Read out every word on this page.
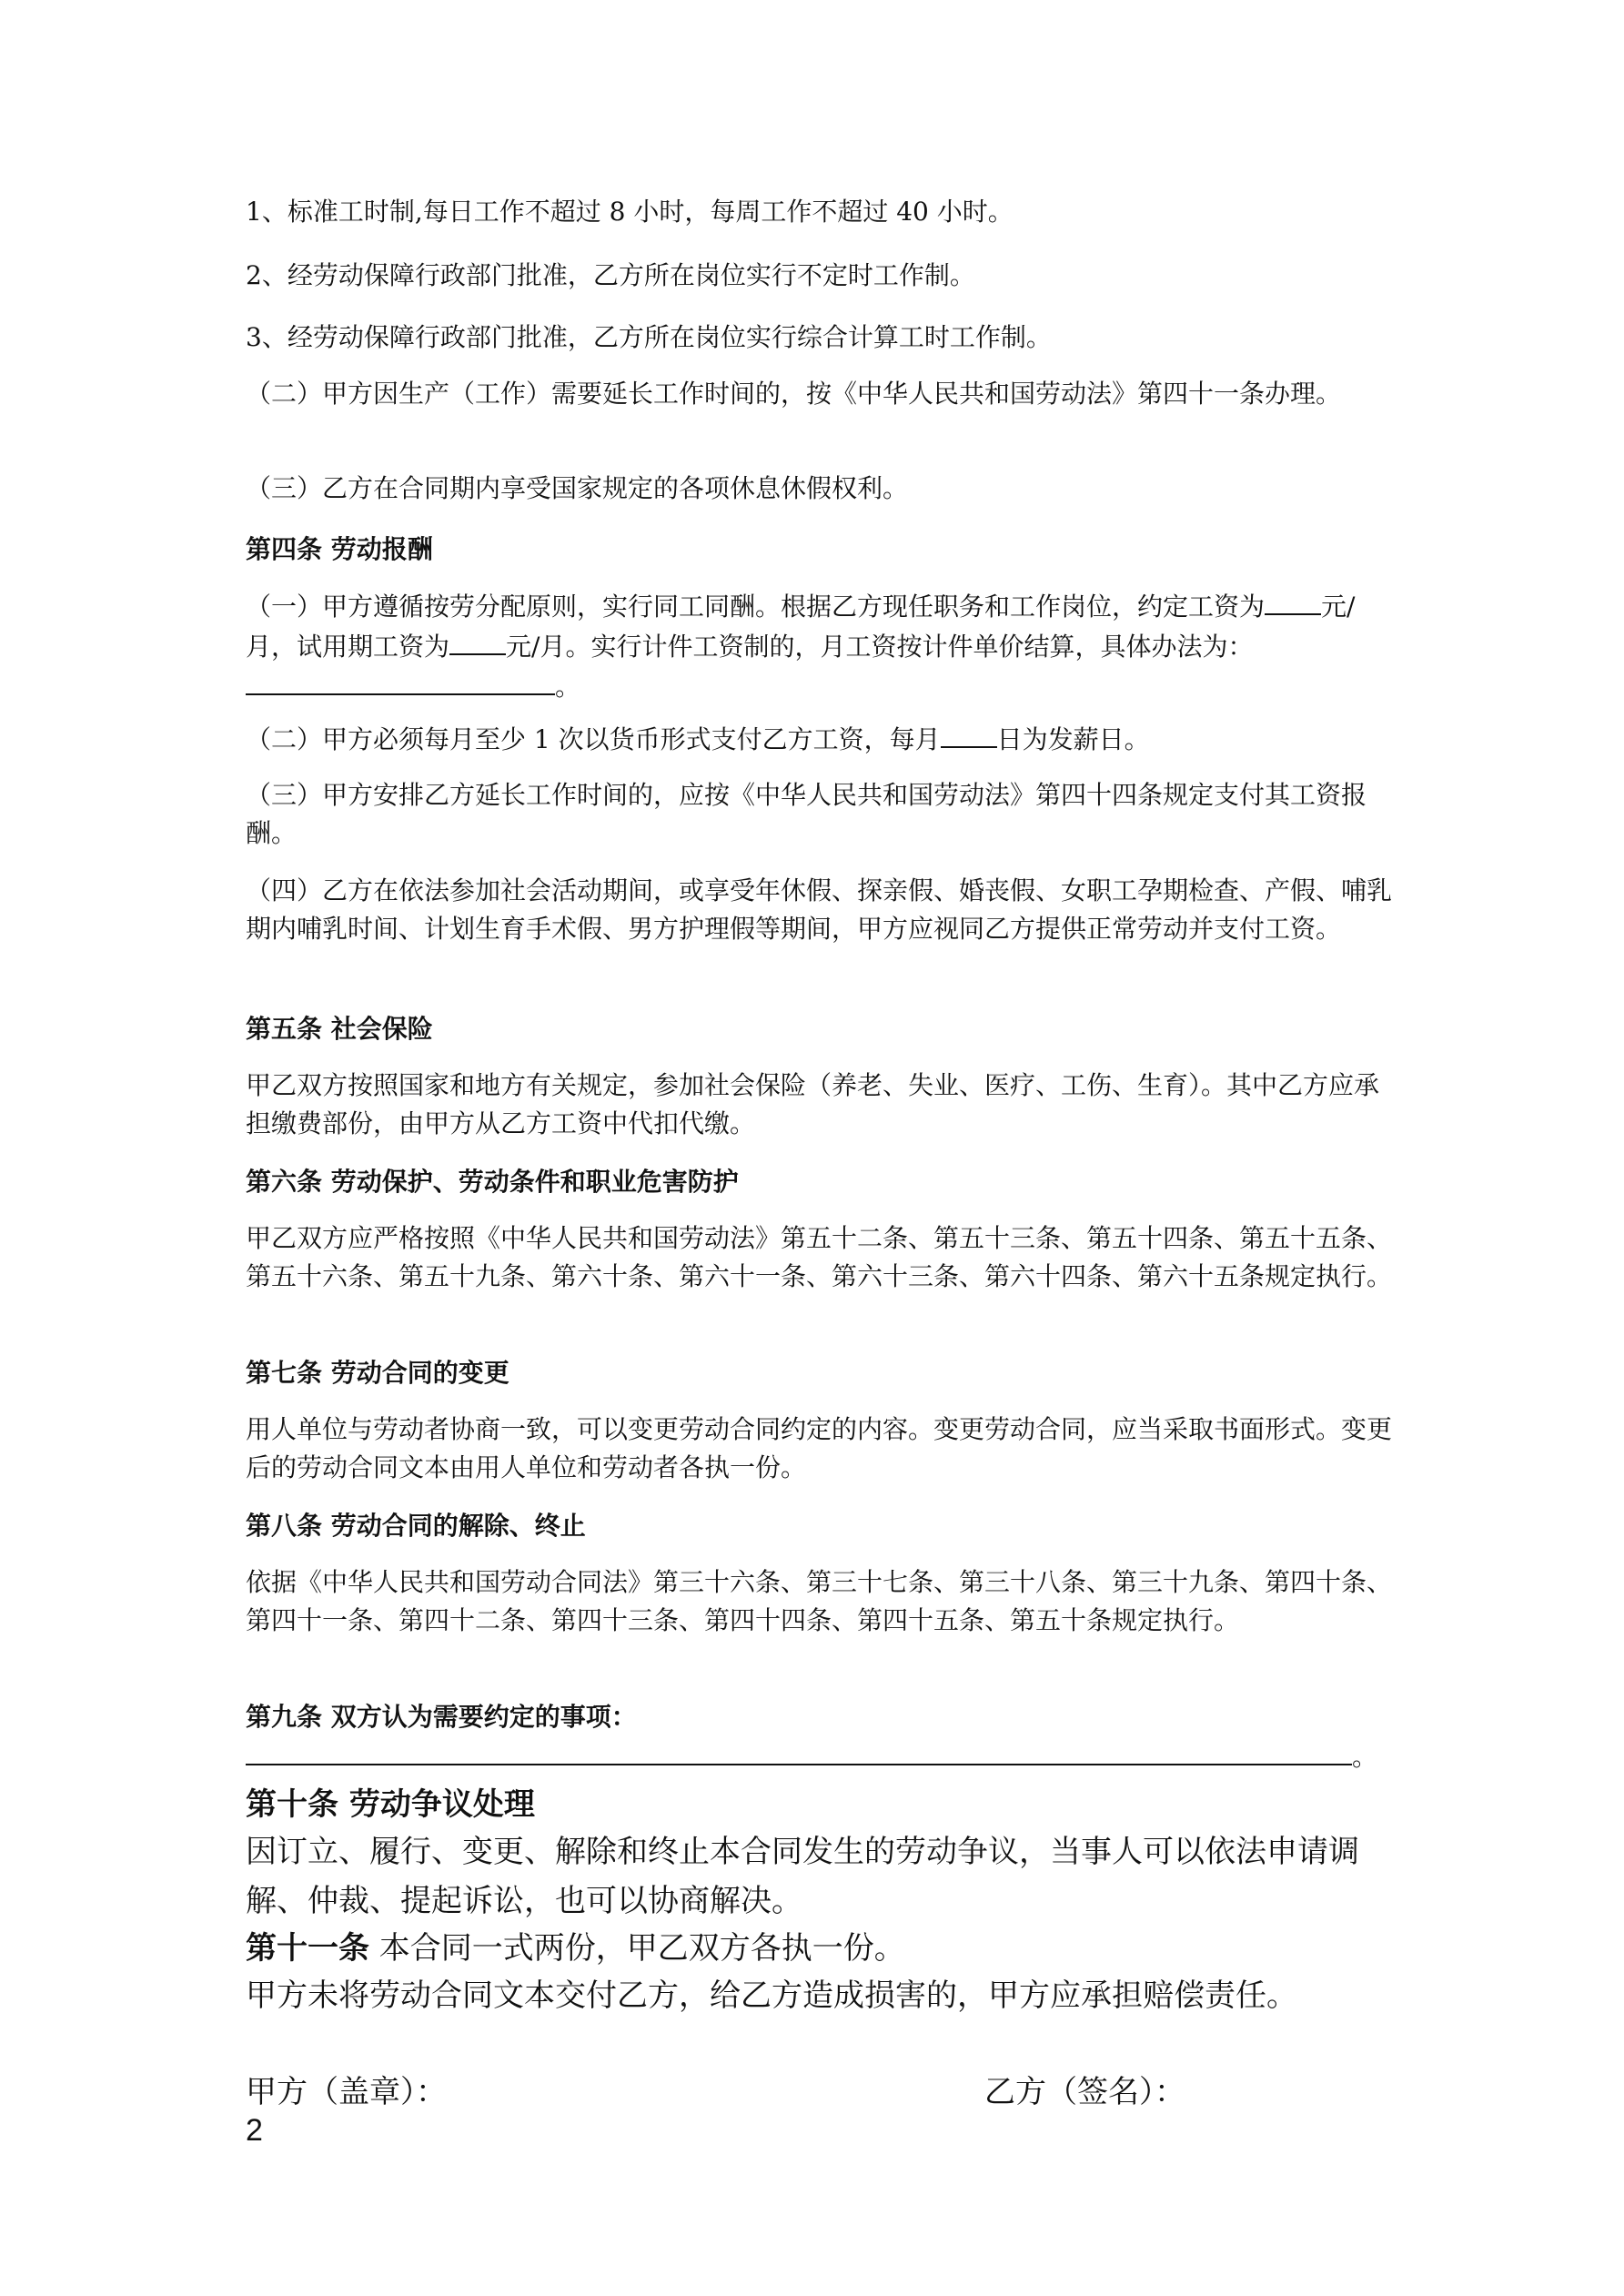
1、标准工时制,每日工作不超过 8 小时，每周工作不超过 40 小时。

2、经劳动保障行政部门批准，乙方所在岗位实行不定时工作制。

3、经劳动保障行政部门批准，乙方所在岗位实行综合计算工时工作制。

（二）甲方因生产（工作）需要延长工作时间的，按《中华人民共和国劳动法》第四十一条办理。

（三）乙方在合同期内享受国家规定的各项休息休假权利。

第四条 劳动报酬

（一）甲方遵循按劳分配原则，实行同工同酬。根据乙方现任职务和工作岗位，约定工资为 元/月，试用期工资为 元/月。实行计件工资制的，月工资按计件单价结算，具体办法为：。

（二）甲方必须每月至少 1 次以货币形式支付乙方工资，每月 日为发薪日。

（三）甲方安排乙方延长工作时间的，应按《中华人民共和国劳动法》第四十四条规定支付其工资报酬。

（四）乙方在依法参加社会活动期间，或享受年休假、探亲假、婚丧假、女职工孕期检查、产假、哺乳期内哺乳时间、计划生育手术假、男方护理假等期间，甲方应视同乙方提供正常劳动并支付工资。

第五条 社会保险

甲乙双方按照国家和地方有关规定，参加社会保险（养老、失业、医疗、工伤、生育）。其中乙方应承担缴费部份，由甲方从乙方工资中代扣代缴。

第六条 劳动保护、劳动条件和职业危害防护

甲乙双方应严格按照《中华人民共和国劳动法》第五十二条、第五十三条、第五十四条、第五十五条、第五十六条、第五十九条、第六十条、第六十一条、第六十三条、第六十四条、第六十五条规定执行。

第七条 劳动合同的变更

用人单位与劳动者协商一致，可以变更劳动合同约定的内容。变更劳动合同，应当采取书面形式。变更后的劳动合同文本由用人单位和劳动者各执一份。

第八条 劳动合同的解除、终止

依据《中华人民共和国劳动合同法》第三十六条、第三十七条、第三十八条、第三十九条、第四十条、第四十一条、第四十二条、第四十三条、第四十四条、第四十五条、第五十条规定执行。

第九条 双方认为需要约定的事项：

。

第十条 劳动争议处理

因订立、履行、变更、解除和终止本合同发生的劳动争议，当事人可以依法申请调解、仲裁、提起诉讼，也可以协商解决。

第十一条 本合同一式两份，甲乙双方各执一份。

甲方未将劳动合同文本交付乙方，给乙方造成损害的，甲方应承担赔偿责任。

甲方（盖章）：	乙方（签名）：
2
